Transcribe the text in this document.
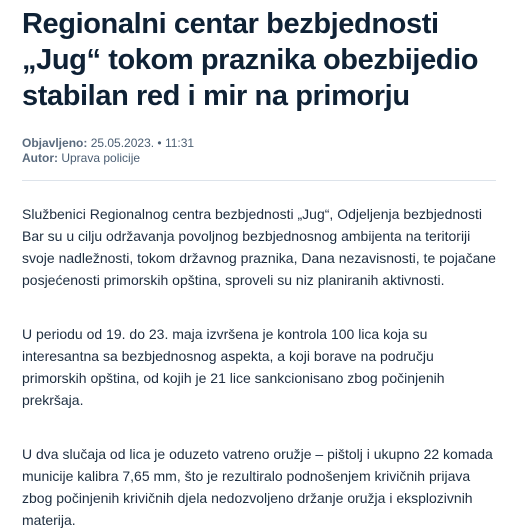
Regionalni centar bezbjednosti „Jug“ tokom praznika obezbijedio stabilan red i mir na primorju
Objavljeno: 25.05.2023. • 11:31
Autor: Uprava policije

Službenici Regionalnog centra bezbjednosti „Jug“, Odjeljenja bezbjednosti Bar su u cilju održavanja povoljnog bezbjednosnog ambijenta na teritoriji svoje nadležnosti, tokom državnog praznika, Dana nezavisnosti, te pojačane posjećenosti primorskih opština, sproveli su niz planiranih aktivnosti.

U periodu od 19. do 23. maja izvršena je kontrola 100 lica koja su interesantna sa bezbjednosnog aspekta, a koji borave na području primorskih opština, od kojih je 21 lice sankcionisano zbog počinjenih prekršaja.

U dva slučaja od lica je oduzeto vatreno oružje – pištolj i ukupno 22 komada municije kalibra 7,65 mm, što je rezultiralo podnošenjem krivičnih prijava zbog počinjenih krivičnih djela nedozvoljeno držanje oružja i eksplozivnih materija.
